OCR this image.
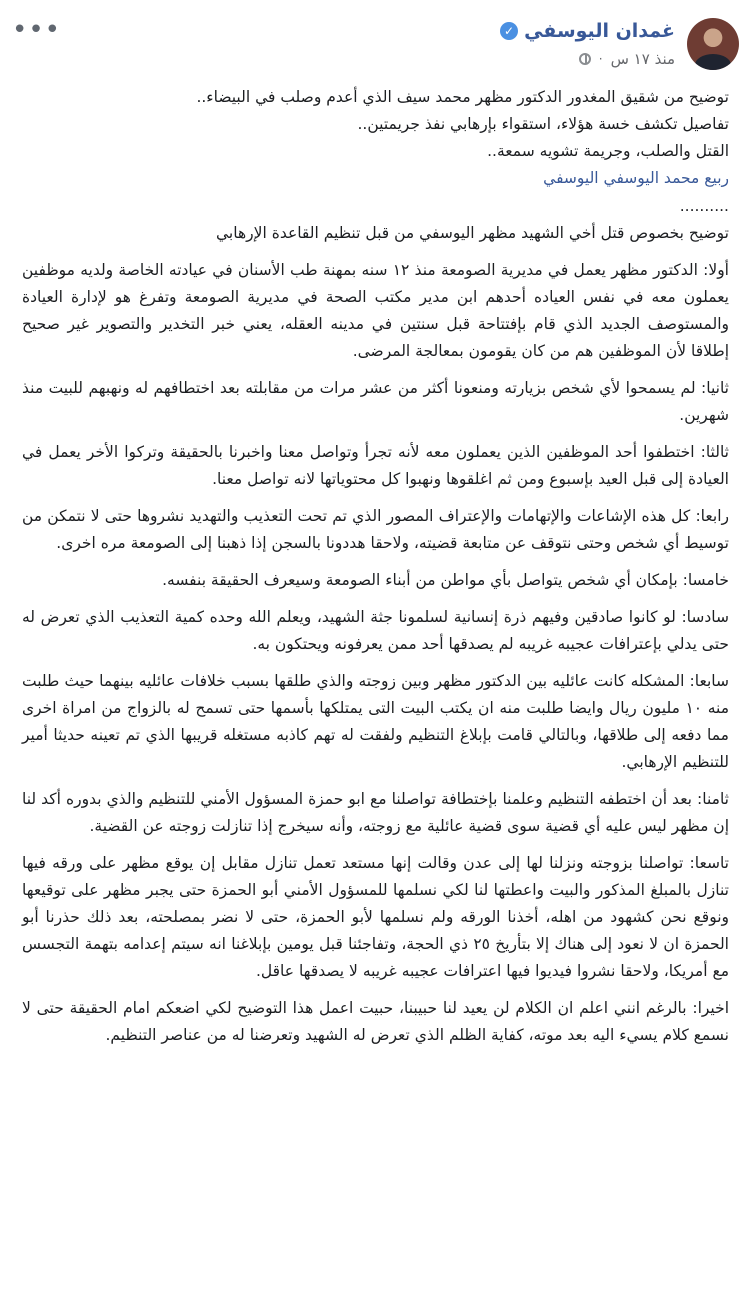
غمدان اليوسفي
✓
منذ ١٧ س
·
•••

توضيح من شقيق المغدور الدكتور مظهر محمد سيف الذي أعدم وصلب في البيضاء..

تفاصيل تكشف خسة هؤلاء، استقواء بإرهابي نفذ جريمتين..

القتل والصلب، وجريمة تشويه سمعة..

ربيع محمد اليوسفي اليوسفي

..........

توضيح بخصوص قتل أخي الشهيد مظهر اليوسفي من قبل تنظيم القاعدة الإرهابي

أولا: الدكتور مظهر يعمل في مديرية الصومعة منذ ١٢ سنه بمهنة طب الأسنان في عيادته الخاصة ولديه موظفين يعملون معه في نفس العياده أحدهم ابن مدير مكتب الصحة في مديرية الصومعة وتفرغ هو لإدارة العيادة والمستوصف الجديد الذي قام بإفتتاحة قبل سنتين في مدينه العقله، يعني خبر التخدير والتصوير غير صحيح إطلاقا لأن الموظفين هم من كان يقومون بمعالجة المرضى.

ثانيا: لم يسمحوا لأي شخص بزيارته ومنعونا أكثر من عشر مرات من مقابلته بعد اختطافهم له ونهبهم للبيت منذ شهرين.

ثالثا: اختطفوا أحد الموظفين الذين يعملون معه لأنه تجرأ وتواصل معنا واخبرنا بالحقيقة وتركوا الأخر يعمل في العيادة إلى قبل العيد بإسبوع ومن ثم اغلقوها ونهبوا كل محتوياتها لانه تواصل معنا.

رابعا: كل هذه الإشاعات والإتهامات والإعتراف المصور الذي تم تحت التعذيب والتهديد نشروها حتى لا نتمكن من توسيط أي شخص وحتى نتوقف عن متابعة قضيته، ولاحقا هددونا بالسجن إذا ذهبنا إلى الصومعة مره اخرى.

خامسا: بإمكان أي شخص يتواصل بأي مواطن من أبناء الصومعة وسيعرف الحقيقة بنفسه.

سادسا: لو كانوا صادقين وفيهم ذرة إنسانية لسلمونا جثة الشهيد، ويعلم الله وحده كمية التعذيب الذي تعرض له حتى يدلي بإعترافات عجيبه غريبه لم يصدقها أحد ممن يعرفونه ويحتكون به.

سابعا: المشكله كانت عائليه بين الدكتور مظهر وبين زوجته والذي طلقها بسبب خلافات عائليه بينهما حيث طلبت منه ١٠ مليون ريال وايضا طلبت منه ان يكتب البيت التى يمتلكها بأسمها حتى تسمح له بالزواج من امراة اخرى مما دفعه إلى طلاقها، وبالتالي قامت بإبلاغ التنظيم ولفقت له تهم كاذبه مستغله قريبها الذي تم تعينه حديثا أمير للتنظيم الإرهابي.

ثامنا: بعد أن اختطفه التنظيم وعلمنا بإختطافة تواصلنا مع ابو حمزة المسؤول الأمني للتنظيم والذي بدوره أكد لنا إن مظهر ليس عليه أي قضية سوى قضية عائلية مع زوجته، وأنه سيخرج إذا تنازلت زوجته عن القضية.

تاسعا: تواصلنا بزوجته ونزلنا لها إلى عدن وقالت إنها مستعد تعمل تنازل مقابل إن يوقع مظهر على ورقه فيها تنازل بالمبلغ المذكور والبيت واعطتها لنا لكي نسلمها للمسؤول الأمني أبو الحمزة حتى يجبر مظهر على توقيعها ونوقع نحن كشهود من اهله، أخذنا الورقه ولم نسلمها لأبو الحمزة، حتى لا نضر بمصلحته، بعد ذلك حذرنا أبو الحمزة ان لا نعود إلى هناك إلا بتأريخ ٢٥ ذي الحجة، وتفاجئنا قبل يومين بإبلاغنا انه سيتم إعدامه بتهمة التجسس مع أمريكا، ولاحقا نشروا فيديوا فيها اعترافات عجيبه غريبه لا يصدقها عاقل.

اخيرا: بالرغم انني اعلم ان الكلام لن يعيد لنا حبيبنا، حبيت اعمل هذا التوضيح لكي اضعكم امام الحقيقة حتى لا نسمع كلام يسيء اليه بعد موته، كفاية الظلم الذي تعرض له الشهيد وتعرضنا له من عناصر التنظيم.
